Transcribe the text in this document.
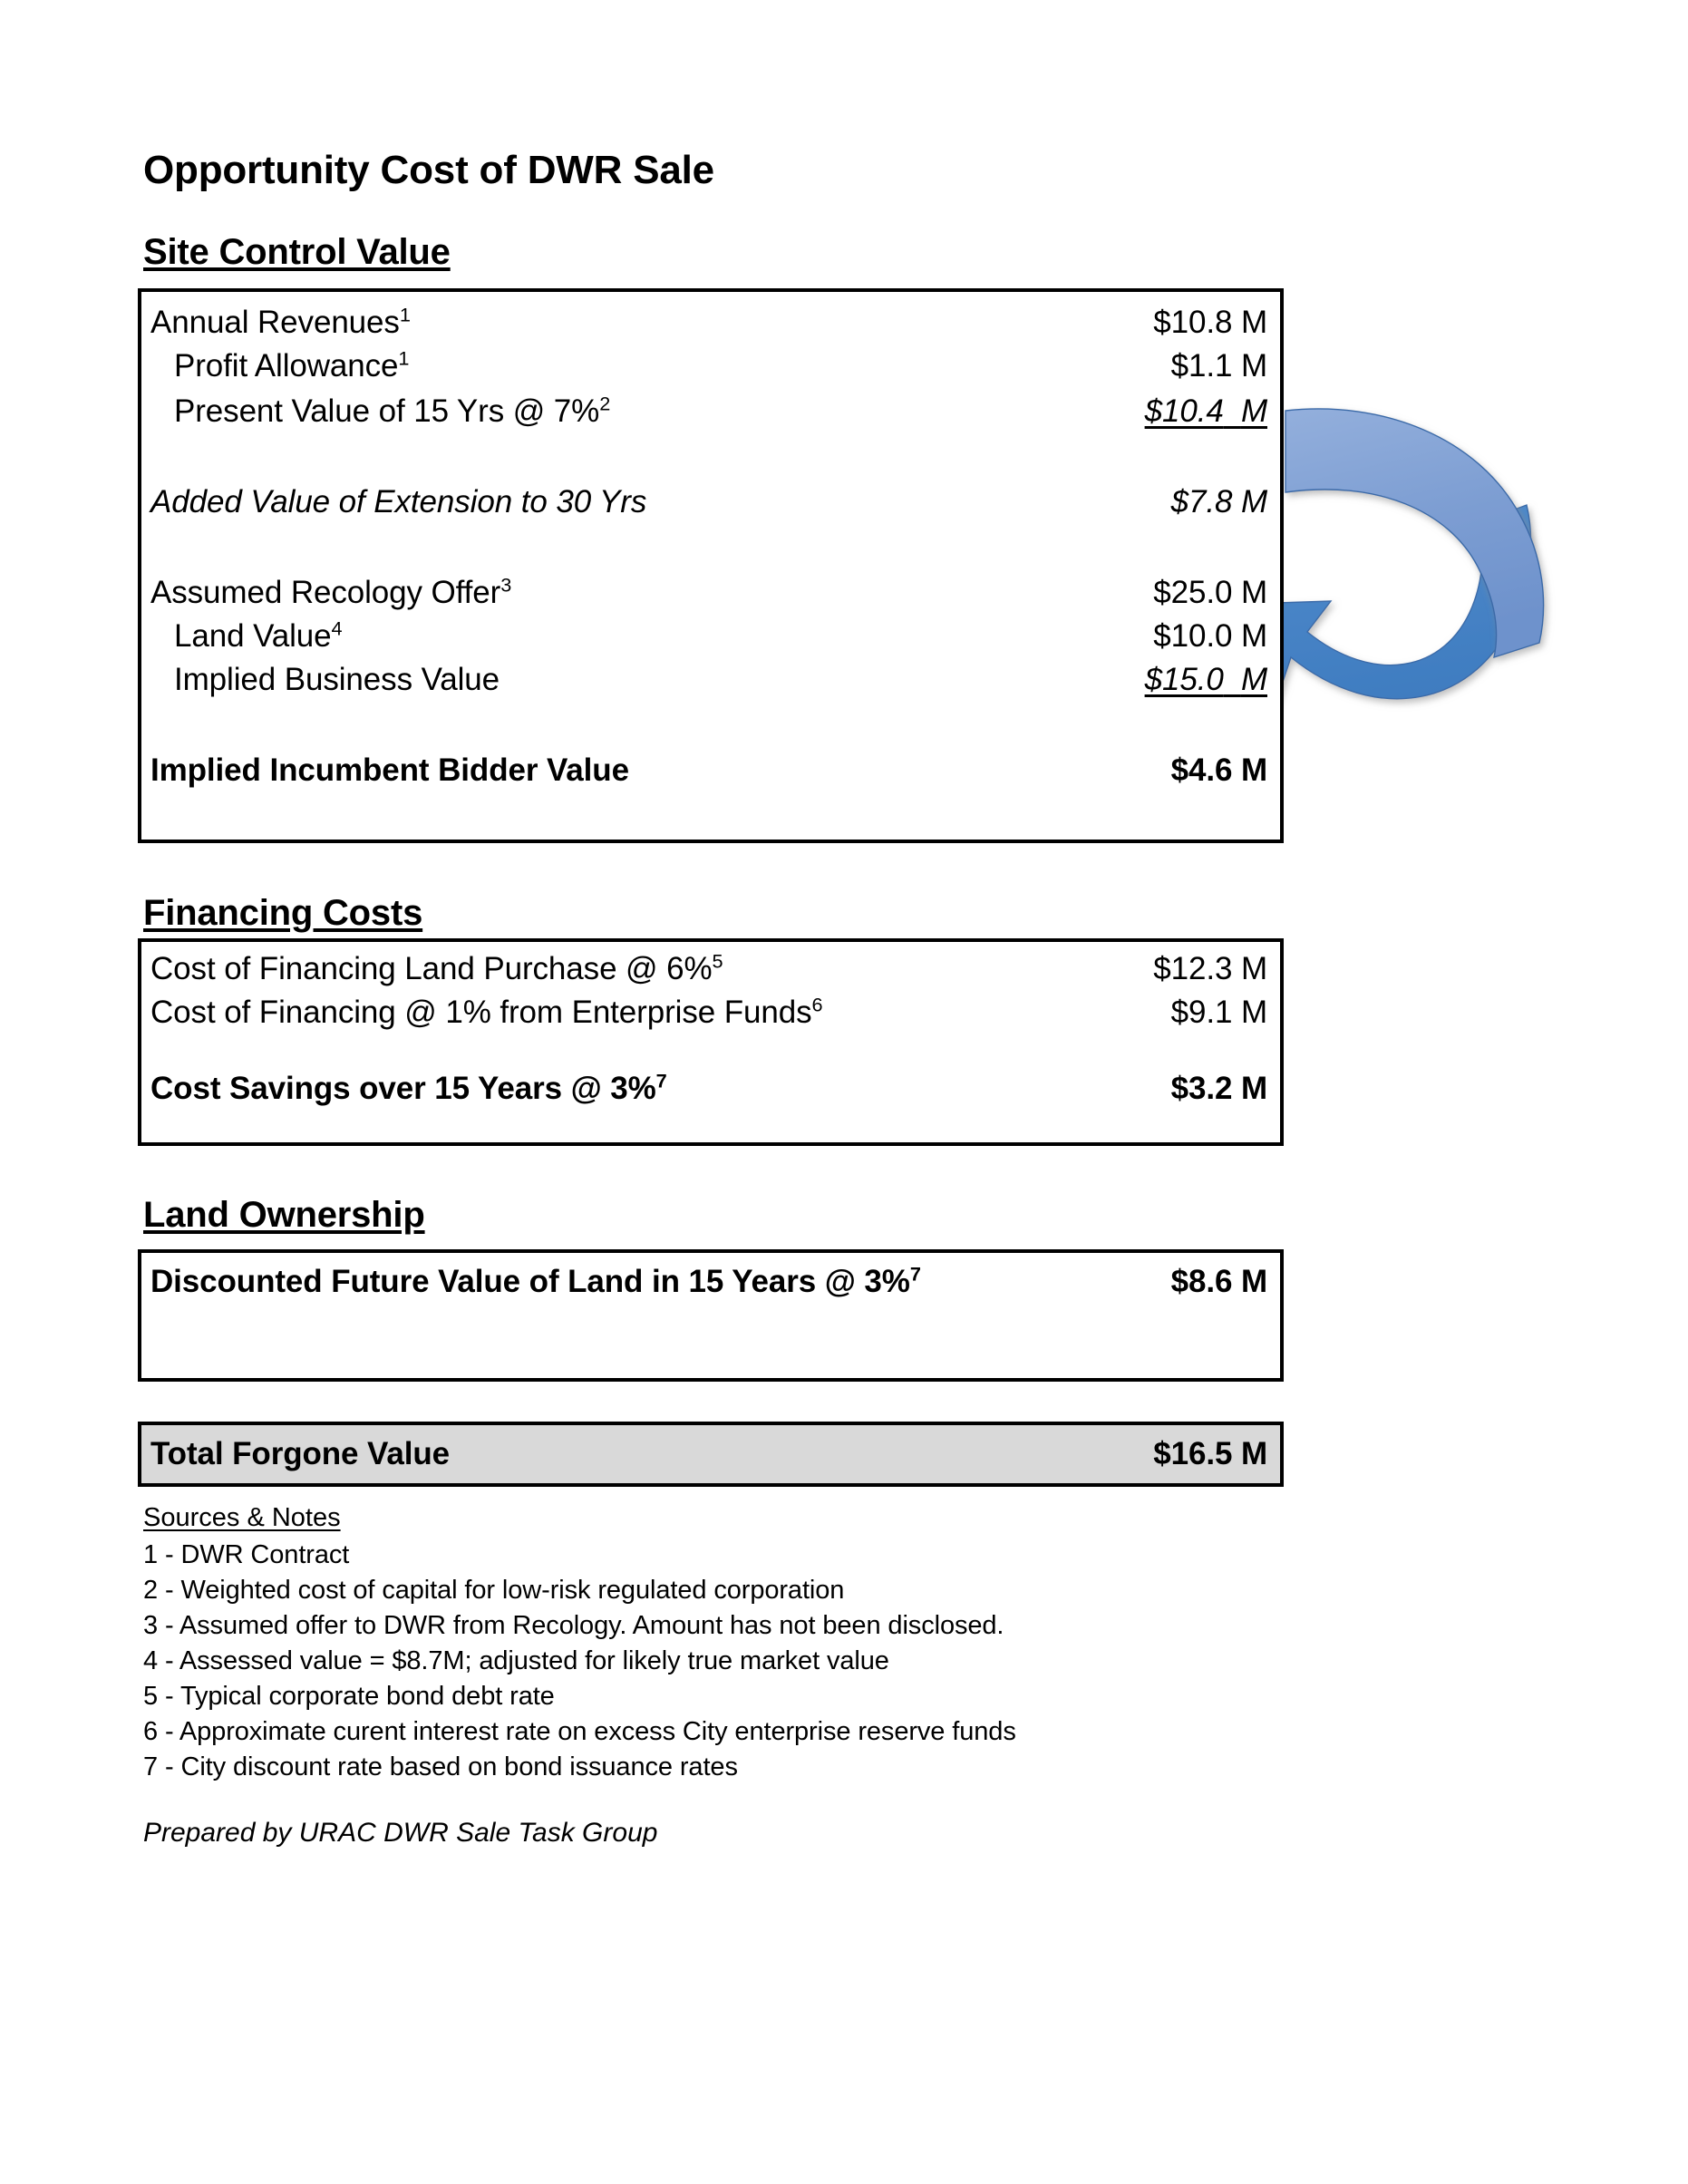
Opportunity Cost of DWR Sale
Site Control Value
Annual Revenues$^1$	$10.8 M
Profit Allowance$^1$	$1.1 M
Present Value of 15 Yrs @ 7%$^2$	$10.4 M
Added Value of Extension to 30 Yrs	$7.8 M
Assumed Recology Offer$^3$	$25.0 M
Land Value$^4$	$10.0 M
Implied Business Value	$15.0 M
Implied Incumbent Bidder Value	$4.6 M
Financing Costs
Cost of Financing Land Purchase @ 6%$^5$	$12.3 M
Cost of Financing @ 1% from Enterprise Funds$^6$	$9.1 M
Cost Savings over 15 Years @ 3%$^7$	$3.2 M
Land Ownership
Discounted Future Value of Land in 15 Years @ 3%$^7$	$8.6 M
Total Forgone Value	$16.5 M
Sources & Notes
1 - DWR Contract
2 - Weighted cost of capital for low-risk regulated corporation
3 - Assumed offer to DWR from Recology. Amount has not been disclosed.
4 - Assessed value = $8.7M; adjusted for likely true market value
5 - Typical corporate bond debt rate
6 - Approximate curent interest rate on excess City enterprise reserve funds
7 - City discount rate based on bond issuance rates
Prepared by URAC DWR Sale Task Group
